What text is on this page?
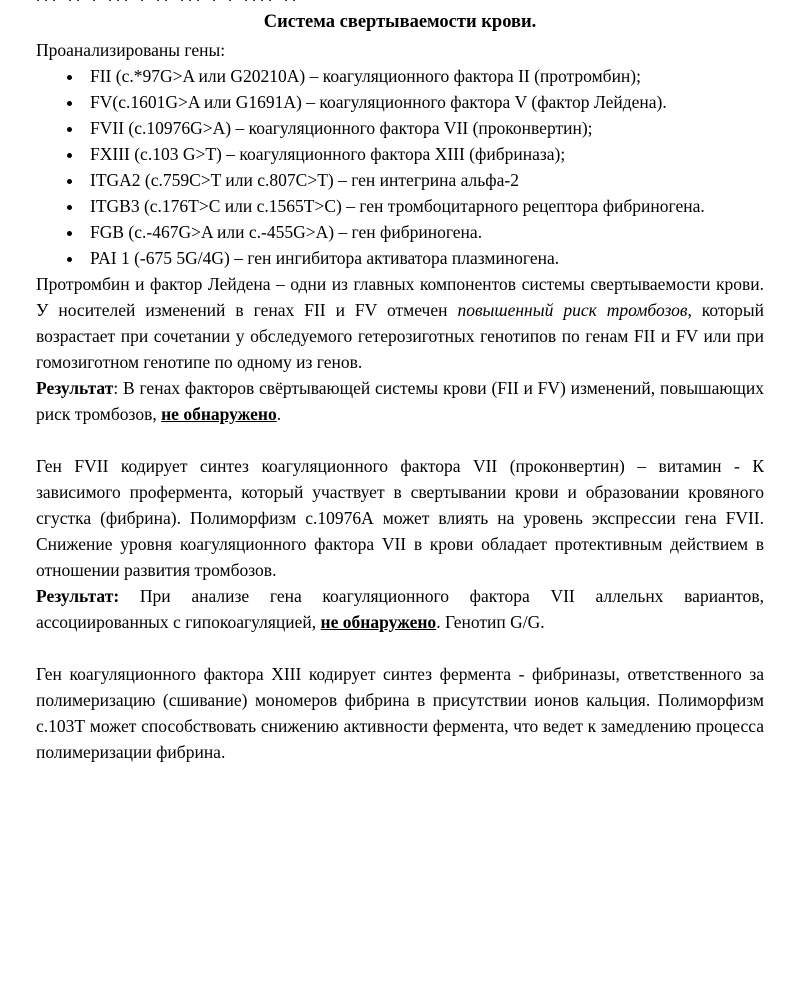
Система свертываемости крови.

Проанализированы гены:

• FII (с.*97G>A или G20210A) – коагуляционного фактора II (протромбин);
• FV(с.1601G>A или G1691A) – коагуляционного фактора V (фактор Лейдена).
• FVII (с.10976G>A) – коагуляционного фактора VII (проконвертин);
• FXIII (с.103 G>T) – коагуляционного фактора XIII (фибриназа);
• ITGA2 (с.759C>T или с.807C>T) – ген интегрина альфа-2
• ITGB3 (с.176T>C или с.1565T>C) – ген тромбоцитарного рецептора фибриногена.
• FGB (с.-467G>A или с.-455G>A) – ген фибриногена.
• PAI 1 (-675 5G/4G) – ген ингибитора активатора плазминогена.

Протромбин и фактор Лейдена – одни из главных компонентов системы свертываемости крови. У носителей изменений в генах FII и FV отмечен повышенный риск тромбозов, который возрастает при сочетании у обследуемого гетерозиготных генотипов по генам FII и FV или при гомозиготном генотипе по одному из генов.

Результат: В генах факторов свёртывающей системы крови (FII и FV) изменений, повышающих риск тромбозов, не обнаружено.

Ген FVII кодирует синтез коагуляционного фактора VII (проконвертин) – витамин - К зависимого профермента, который участвует в свертывании крови и образовании кровяного сгустка (фибрина). Полиморфизм с.10976А может влиять на уровень экспрессии гена FVII. Снижение уровня коагуляционного фактора VII в крови обладает протективным действием в отношении развития тромбозов.

Результат: При анализе гена коагуляционного фактора VII аллельнх вариантов, ассоциированных с гипокоагуляцией, не обнаружено. Генотип G/G.

Ген коагуляционного фактора XIII кодирует синтез фермента - фибриназы, ответственного за полимеризацию (сшивание) мономеров фибрина в присутствии ионов кальция. Полиморфизм с.103Т может способствовать снижению активности фермента, что ведет к замедлению процесса полимеризации фибрина.
